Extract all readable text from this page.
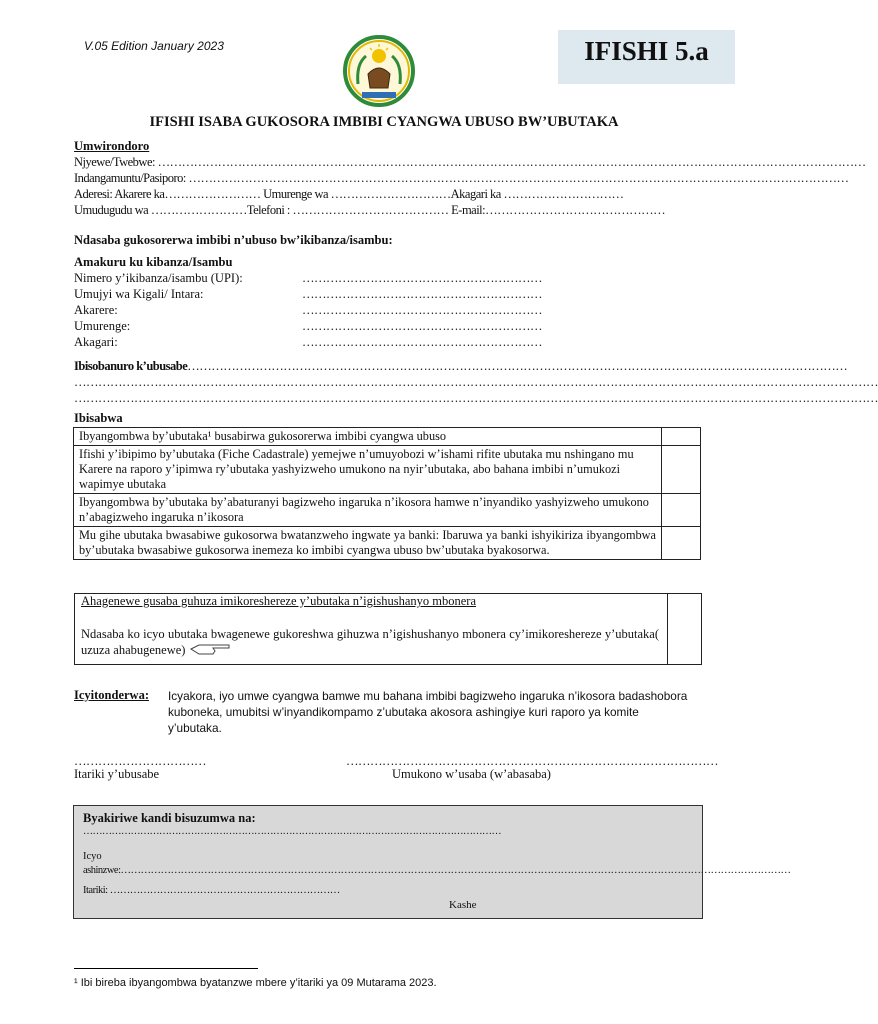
V.05 Edition January 2023	IFISHI 5.a
IFISHI ISABA GUKOSORA IMBIBI CYANGWA UBUSO BW’UBUTAKA
Umwirondoro
Njyewe/Twebwe: ……………………………………………………………………………………………………………………………………………………………
Indangamuntu/Pasiporo: …………………………………………………………………………………………………………………………………………………
Aderesi: Akarere ka…………………… Umurenge wa …………………………Akagari ka …………………………
Umudugudu wa ……………………Telefoni : ………………………………… E-mail:………………………………………
Ndasaba gukosorerwa imbibi n’ubuso bw’ikibanza/isambu:
Amakuru ku kibanza/Isambu
Nimero y’ikibanza/isambu (UPI):	……………………………………………………
Umujyi wa Kigali/ Intara:	……………………………………………………
Akarere:	……………………………………………………
Umurenge:	……………………………………………………
Akagari:	……………………………………………………
Ibisobanuro k’ubusabe…………………………………………………………………………………………………………………………………………………
…………………………………………………………………………………………………………………………………………………………………………………
…………………………………………………………………………………………………………………………………………………………………………………
Ibisabwa
Ibyangombwa by’ubutaka¹ busabirwa gukosorerwa imbibi cyangwa ubuso	
Ifishi y’ibipimo by’ubutaka (Fiche Cadastrale) yemejwe n’umuyobozi w’ishami rifite ubutaka mu nshingano mu Karere na raporo y’ipimwa ry’ubutaka yashyizweho umukono na nyir’ubutaka, abo bahana imbibi n’umukozi wapimye ubutaka	
Ibyangombwa by’ubutaka by’abaturanyi bagizweho ingaruka n’ikosora hamwe n’inyandiko yashyizweho umukono n’abagizweho ingaruka n’ikosora	
Mu gihe ubutaka bwasabiwe gukosorwa bwatanzweho ingwate ya banki: Ibaruwa ya banki ishyikiriza ibyangombwa by’ubutaka bwasabiwe gukosorwa inemeza ko imbibi cyangwa ubuso bw’ubutaka byakosorwa.	
Ahagenewe gusaba guhuza imikoreshereze y’ubutaka n’igishushanyo mbonera
Ndasaba ko icyo ubutaka bwagenewe gukoreshwa gihuzwa n’igishushanyo mbonera cy’imikoreshereze y’ubutaka( uzuza ahabugenewe)
Icyitonderwa: Icyakora, iyo umwe cyangwa bamwe mu bahana imbibi bagizweho ingaruka n’ikosora badashobora kuboneka, umubitsi w’inyandikompamo z’ubutaka akosora ashingiye kuri raporo ya komite y’ubutaka.
……………………………
Itariki y’ubusabe
…………………………………………………………………………………
Umukono w’usaba (w’abasaba)
Byakiriwe kandi bisuzumwa na:
……………………………………………………………………………………………………………………
Icyo
ashinzwe:…………………………………………………………………………………………………………………………………………………………………………………
Itariki: ……………………………………………………………
Kashe
¹ Ibi bireba ibyangombwa byatanzwe mbere y’itariki ya 09 Mutarama 2023.
